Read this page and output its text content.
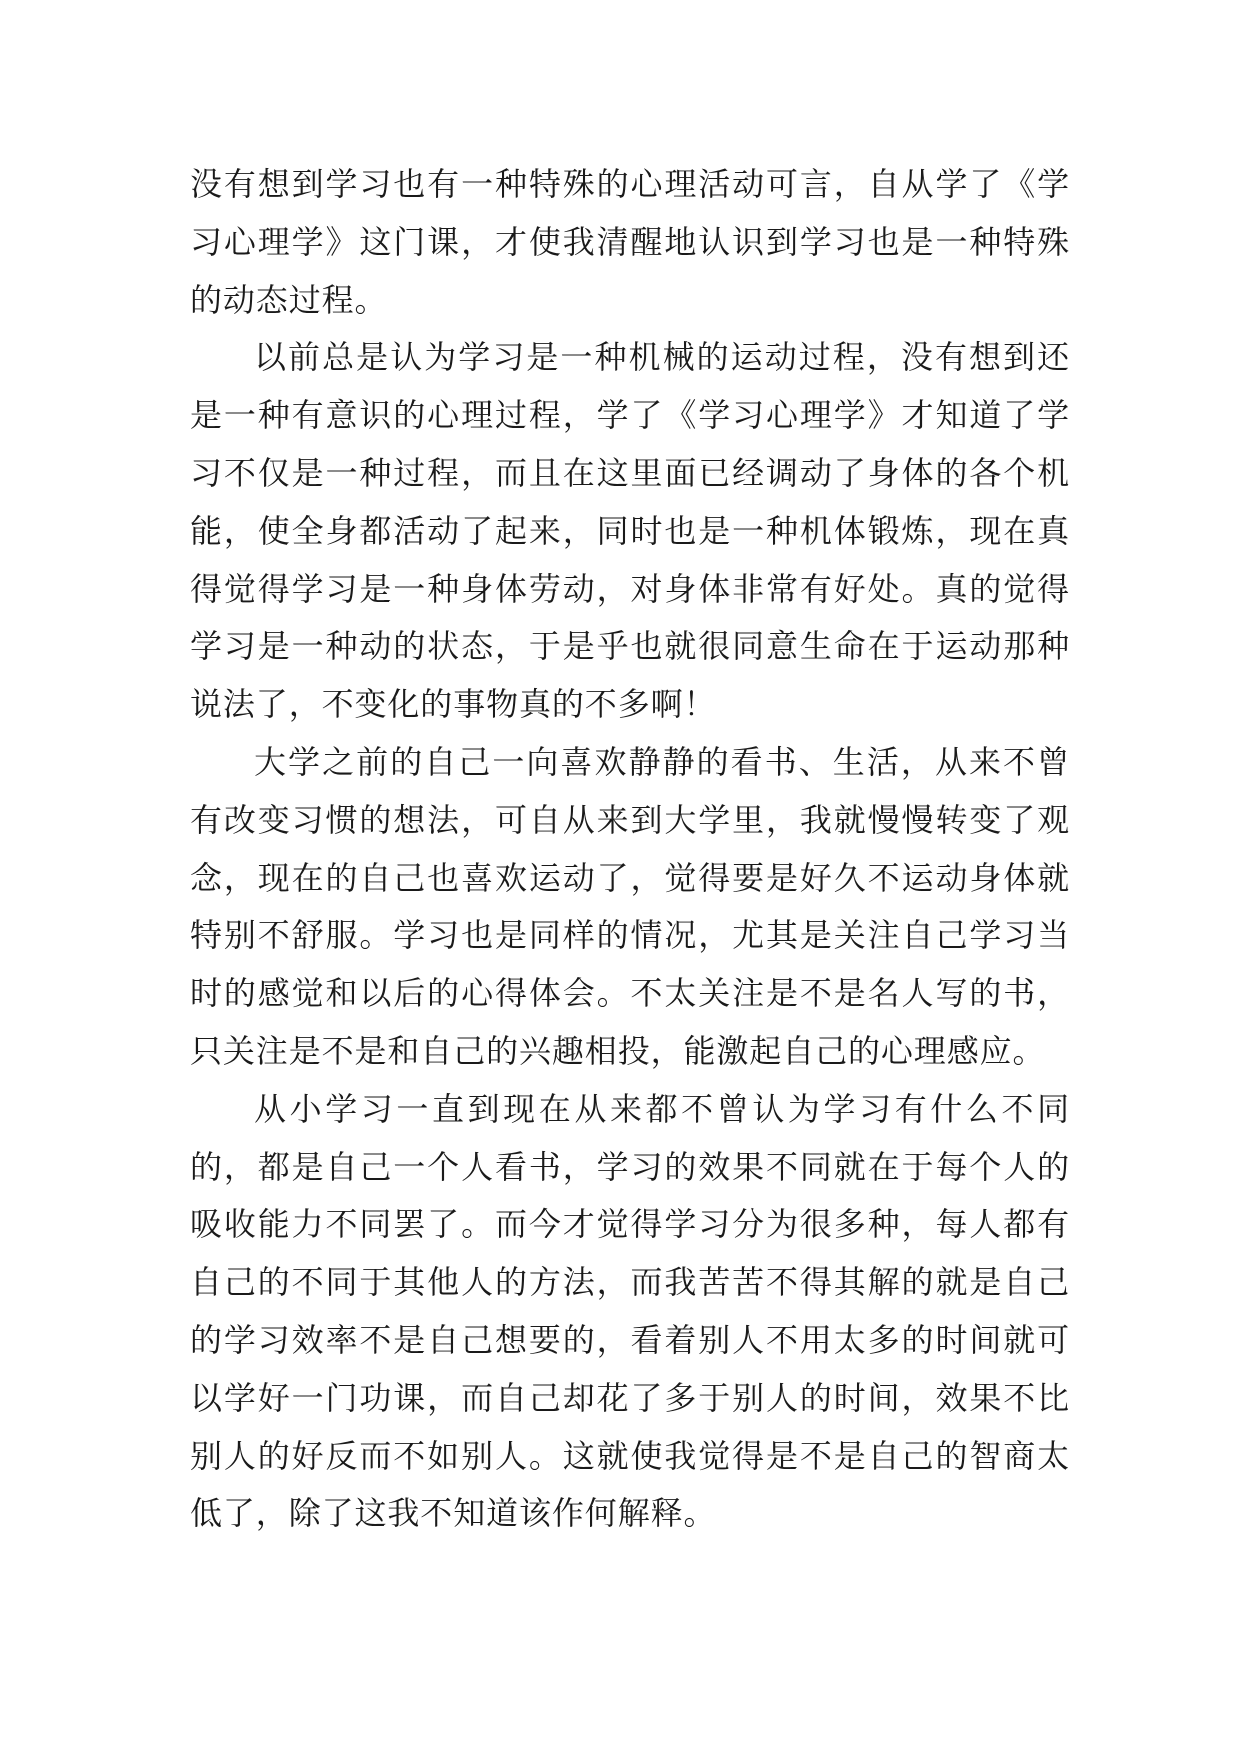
没有想到学习也有一种特殊的心理活动可言，自从学了《学习心理学》这门课，才使我清醒地认识到学习也是一种特殊的动态过程。

以前总是认为学习是一种机械的运动过程，没有想到还是一种有意识的心理过程，学了《学习心理学》才知道了学习不仅是一种过程，而且在这里面已经调动了身体的各个机能，使全身都活动了起来，同时也是一种机体锻炼，现在真得觉得学习是一种身体劳动，对身体非常有好处。真的觉得学习是一种动的状态，于是乎也就很同意生命在于运动那种说法了，不变化的事物真的不多啊！

大学之前的自己一向喜欢静静的看书、生活，从来不曾有改变习惯的想法，可自从来到大学里，我就慢慢转变了观念，现在的自己也喜欢运动了，觉得要是好久不运动身体就特别不舒服。学习也是同样的情况，尤其是关注自己学习当时的感觉和以后的心得体会。不太关注是不是名人写的书，只关注是不是和自己的兴趣相投，能激起自己的心理感应。

从小学习一直到现在从来都不曾认为学习有什么不同的，都是自己一个人看书，学习的效果不同就在于每个人的吸收能力不同罢了。而今才觉得学习分为很多种，每人都有自己的不同于其他人的方法，而我苦苦不得其解的就是自己的学习效率不是自己想要的，看着别人不用太多的时间就可以学好一门功课，而自己却花了多于别人的时间，效果不比别人的好反而不如别人。这就使我觉得是不是自己的智商太低了，除了这我不知道该作何解释。
